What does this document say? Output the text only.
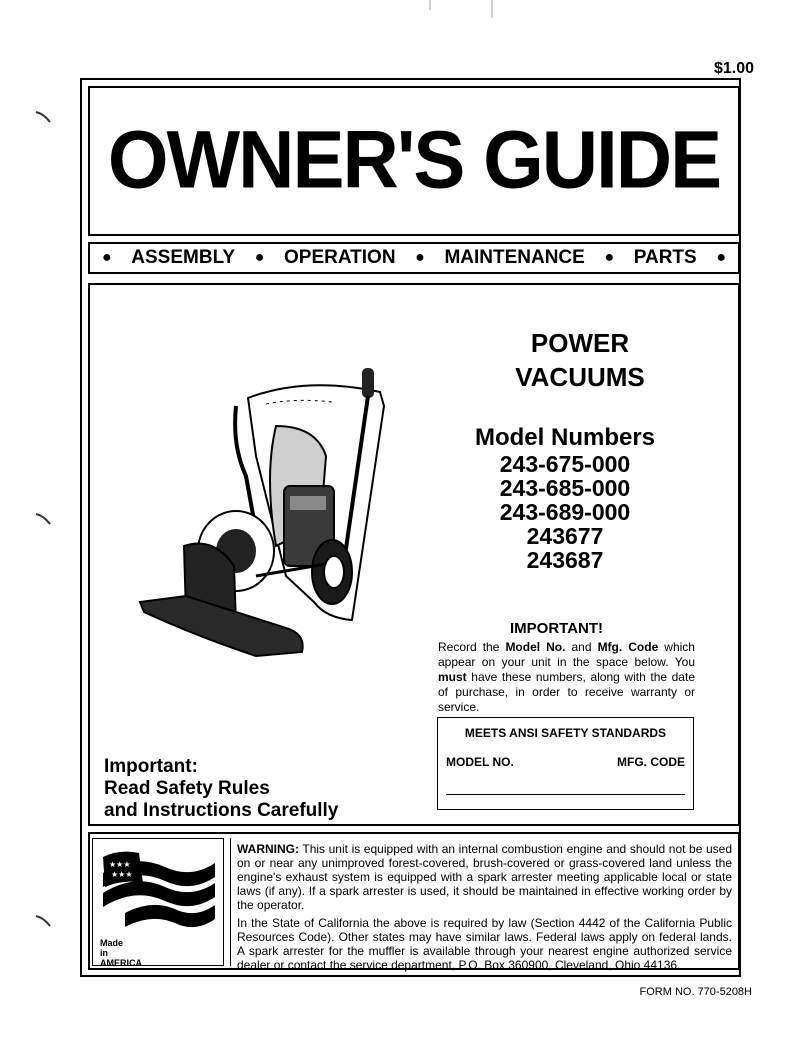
$1.00
OWNER'S GUIDE
● ASSEMBLY ● OPERATION ● MAINTENANCE ● PARTS ●
POWER
VACUUMS
Model Numbers
243-675-000
243-685-000
243-689-000
243677
243687
IMPORTANT!
Record the Model No. and Mfg. Code which appear on your unit in the space below. You must have these numbers, along with the date of purchase, in order to receive warranty or service.
MEETS ANSI SAFETY STANDARDS
MODEL NO.	MFG. CODE
Important:
Read Safety Rules
and Instructions Carefully
★★★
★★★
Made
in
AMERICA

WARNING: This unit is equipped with an internal combustion engine and should not be used on or near any unimproved forest-covered, brush-covered or grass-covered land unless the engine's exhaust system is equipped with a spark arrester meeting applicable local or state laws (if any). If a spark arrester is used, it should be maintained in effective working order by the operator.

In the State of California the above is required by law (Section 4442 of the California Public Resources Code). Other states may have similar laws. Federal laws apply on federal lands. A spark arrester for the muffler is available through your nearest engine authorized service dealer or contact the service department, P.O. Box 360900, Cleveland, Ohio 44136.

FORM NO. 770-5208H
